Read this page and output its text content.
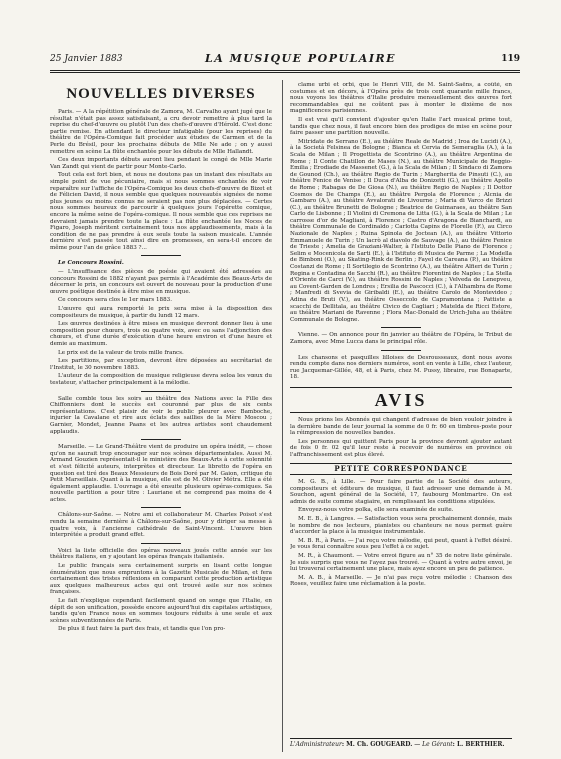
25 Janvier 1883	LA MUSIQUE POPULAIRE	119
NOUVELLES DIVERSES

Paris. — A la répétition générale de Zamora, M. Carvalho ayant jugé que le résultat n'était pas assez satisfaisant, a cru devoir remettre à plus tard la reprise du chef-d'œuvre ou plutôt l'un des chefs-d'œuvre d'Hérold. C'est donc partie remise. En attendant le directeur infatigable (pour les reprises) du théâtre de l'Opéra-Comique fait procéder aux études de Carmen et de la Perle du Brésil, pour les prochains débuts de Mlle Ne ade ; on y aussi remettre en scène La flûte enchantée pour les débuts de Mlle Hallandt.

Ces deux importants débuts auront lieu pendant le congé de Mlle Marie Van Zandt qui vient de partir pour Monte-Carlo.

Tout cela est fort bien, et nous ne doutons pas un instant des résultats au simple point de vue pécuniaire, mais si nous sommes enchantés de voir reparaître sur l'affiche de l'Opéra-Comique les deux chefs-d'œuvre de Bizet et de Félicien David, il nous semble que quelques nouveautés signées de nome plus jeunes ou moins connus ne seraient pas non plus déplacées. — Certes nous sommes heureux de parcourir à quelques jours l'opérette comique, encore la même seine de l'opéra-comique. Il nous semble que ces reprises ne devraient jamais prendre toute la place : La flûte enchantée les Noces de Figaro, Joseph méritent certainement tous nos applaudissements, mais à la condition de ne pas prendre à eux seuls toute la saison musicale. L'année dernière s'est passée tout ainsi dire en promesses, en sera-t-il encore de même pour l'an de grâce 1883 ?...

Le Concours Rossini.

— L'insuffisance des pièces de poésie qui avaient été adressées au concours Rossini de 1882 n'ayant pas permis à l'Académie des Beaux-Arts de décerner le prix, un concours est ouvert de nouveau pour la production d'une œuvre poétique destinée à être mise en musique.

Ce concours sera clos le 1er mars 1883.

L'œuvre qui aura remporté le prix sera mise à la disposition des compositeurs de musique, à partir du lundi 12 mars.

Les œuvres destinées à être mises en musique devront donner lieu à une composition pour chœurs, trois ou quatre voix, avec ou sans l'adjonction des chœurs, et d'une durée d'exécution d'une heure environ et d'une heure et demie au maximum.

Le prix est de la valeur de trois mille francs.

Les partitions, par exception, devront être déposées au secrétariat de l'Institut, le 30 novembre 1883.

L'auteur de la composition de musique religieuse devra seloa les vœux du testateur, s'attacher principalement à la mélodie.

Salle comble tous les soirs au théâtre des Nations avec la Fille des Chiffonniers dont le succès est couronné par plus de six cents représentations. C'est plaisir de voir le public pleurer avec Bamboche, injurier la Cavalane et rire aux éclats des saillies de la Mère Moscou ; Garnier, Mondet, Jeanne Paans et les autres artistes sont chaudement applaudis.

Marseille. — Le Grand-Théâtre vient de produire un opéra inédit, — chose qu'on ne saurait trop encourager sur nos scènes départementales. Aussi M. Armand Gouzien représentait-il le ministère des Beaux-Arts à cette solennité et s'est félicité auteurs, interprètes et directeur. Le libretto de l'opéra en question est tiré des Beaux Messieurs de Bois Doré par M. Gaion, critique du Petit Marseillais. Quant à la musique, elle est de M. Olivier Métra. Elle a été également applaudie. L'ouvrage a été ensuite plusieurs opéras-comiques. Sa nouvelle partition a pour titre : Lauriane et ne comprend pas moins de 4 actes.

Châlons-sur-Saône. — Notre ami et collaborateur M. Charles Poisot s'est rendu la semaine dernière à Châlons-sur-Saône, pour y diriger sa messe à quatre voix, à l'ancienne cathédrale de Saint-Vincent. L'œuvre bien interprétée a produit grand effet.

Voici la liste officielle des opéras nouveaux joués cette année sur les théâtres italiens, en y ajoutant les opéras français italianisés.

Le public français sera certainement surpris en lisant cette longue énumération que nous empruntons à la Gazette Musicale de Milan, et fera certainement des tristes réflexions en comparant cette production artistique aux quelques malheureux actes qui ont trouvé asile sur nos scènes françaises.

Le fait n'explique cependant facilement quand on songe que l'Italie, en dépit de son unification, possède encore aujourd'hui dix capitales artistiques, tandis qu'en France nous en sommes toujours réduits à une seule et aux scènes subventionnées de Paris.

De plus il faut faire la part des frais, et tandis que l'on pro-

clame urbi et orbi, que le Henri VIII, de M. Saint-Saëns, a coûté, en costumes et en décors, à l'Opéra près de trois cent quarante mille francs, nous voyons les théâtres d'Italie produire mensuellement des œuvres fort recommandables qui ne coûtent pas à monter le dixième de nos magnificences parisiennes.

Il est vrai qu'il convient d'ajouter qu'en Italie l'art musical prime tout, tandis que chez nous, il faut encore bien des prodiges de mise en scène pour faire passer une partition nouvelle.

Mitridate de Serrano (E.), au théâtre Reale de Madrid ; Iroa de Lucidi (A.), à la Società Felsinea de Bologne ; Bianca et Cervia de Semeraglia (A.), à la Scala de Milan ; Il Progettista de Scontrino (A.), au théâtre Argentina de Rome ; Il Conte Chatillon de Mases (N.), au théâtre Municipale de Reggio-Emilia ; Erodiade de Massenet (G.), à la Scala de Milan ; Il Sindaco di Zamora de Gounod (Ch.), au théâtre Regio de Turin ; Margherita de Pinsuti (C.), au théâtre Fenice de Venise ; Il Duca d'Alba de Donizetti (G.), au théâtre Apollo de Rome ; Rabagas de De Giosa (N.), au théâtre Regio de Naples ; Il Dottor Cosmos de De Champs (E.), au théâtre Pergola de Florence ; Alcnia de Gambaro (A.), au théâtre Avvalorati de Livourne ; Maria di Varco de Brizzi (C.), au théâtre Brunetti de Bologne ; Beatrice de Guimaraes, au théâtre San Carlo de Lisbonne ; Il Violini di Cremona de Litta (G.), à la Scala de Milan ; Le carrosse d'or de Magliani, à Florence ; Castro d'Aragona de Bianchardi, au théâtre Communale de Cordinaldo ; Carlotta Capins de Florelle (F.), au Circo Nazionale de Naples ; Ruina Spinola de Joctean (A.), au théâtre Vittorio Emmanuele de Turin ; Un lacrò al diavolo de Sauvage (A.), au théâtre Fenice de Trieste ; Amelia de Graziani-Walter, à l'Istituto Delle Piano de Florence ; Selim e Mocenicola de Sarti (E.), à l'Istituto di Musica de Parme ; La Modella de Bimboni (O.), au Skating-Rink de Berlin ; Fayel de Careana (P.), au théâtre Costanzi de Rome ; Il Sortilegio de Scontrino (A.), au théâtre Alfieri de Turin ; Regina e Contadina de Sacchi (R.), au théâtre Fiorentini de Naples ; La Stella d'Oriente de Carci (V.), au théâtre Rossini de Naples ; Velveda de Lenepveu, au Covent-Garden de Londres ; Ersilia de Pascocci (C.), à l'Alhambra de Rome ; Manfredi di Svevia de Giribaldi (E.), au théâtre Carolo de Montevideo ; Adina de Bruti (V.), au théâtre Osseccolo de Capramontana ; Pattiste a scacchi de Dellitala, au théâtre Civico de Cagliari ; Matelda de Ricci Estore, au théâtre Mariani de Ravenne ; Flora Mac-Donald de Urich-Juha au théâtre Communale de Bologne.

Vienne. — On annonce pour fin janvier au théâtre de l'Opéra, le Tribut de Zamora, avec Mme Lucca dans le principal rôle.

Les chansons et pasquilles lilloises de Desrousseaux, dont nous avons rendu compte dans nos derniers numéros, sont en vente à Lille, chez l'auteur, rue Jacquemar-Gillée, 48, et à Paris, chez M. Pussy, libraire, rue Bonaparte, 18.

AVIS

Nous prions les Abonnés qui changent d'adresse de bien vouloir joindre à la dernière bande de leur journal la somme de 0 fr. 60 en timbres-poste pour la réimpression de nouvelles bandes.

Les personnes qui quittent Paris pour la province devront ajouter autant de fois 0 fr. 02 qu'il leur reste à recevoir de numéros en province où l'affranchissement est plus élevé.

PETITE CORRESPONDANCE

M. G. B., à Lille. — Pour faire partie de la Société des auteurs, compositeurs et éditeurs de musique, il faut adresser une demande à M. Souchon, agent général de la Société, 17, faubourg Montmartre. On est admis de suite comme stagiaire, en remplissant les conditions stipulées.

Envoyez-nous votre polka, elle sera examinée de suite.

M. E. B., à Langres. — Satisfaction vous sera prochainement donnée, mais le nombre de nos lecteurs, pianistes ou chanteurs ne nous permet guère d'accorder la place à la musique instrumentale.

M. B. R., à Paris. — J'ai reçu votre mélodie, qui peut, quant à l'effet désiré. Je vous ferai connaître sous peu l'effet à ce sujet.

M. R., à Chaumont. — Votre envoi figure au n° 35 de notre liste générale. Je suis surpris que vous ne l'ayez pas trouvé. — Quant à votre autre envoi, je lui trouverai certainement une place, mais ayez encore un peu de patience.

M. A. B., à Marseille. — Je n'ai pas reçu votre mélodie : Chanson des Roses, veuillez faire une réclamation à la poste.

L'Administrateur: M. Ch. GOUGEARD. — Le Gérant: L. BERTHIER.
